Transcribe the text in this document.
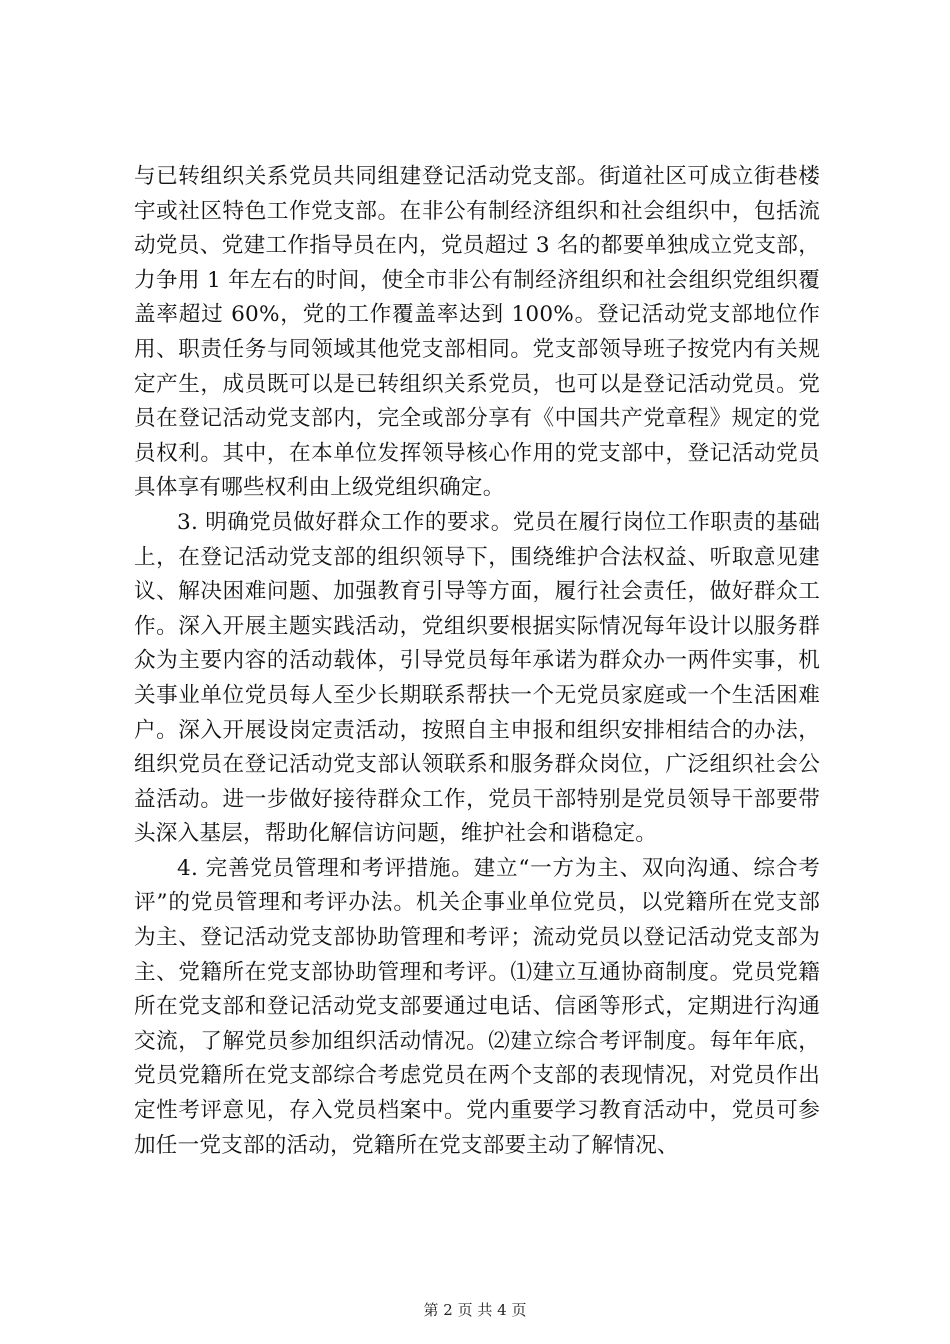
与已转组织关系党员共同组建登记活动党支部。街道社区可成立街巷楼宇或社区特色工作党支部。在非公有制经济组织和社会组织中，包括流动党员、党建工作指导员在内，党员超过 3 名的都要单独成立党支部，力争用 1 年左右的时间，使全市非公有制经济组织和社会组织党组织覆盖率超过 60%，党的工作覆盖率达到 100%。登记活动党支部地位作用、职责任务与同领域其他党支部相同。党支部领导班子按党内有关规定产生，成员既可以是已转组织关系党员，也可以是登记活动党员。党员在登记活动党支部内，完全或部分享有《中国共产党章程》规定的党员权利。其中，在本单位发挥领导核心作用的党支部中，登记活动党员具体享有哪些权利由上级党组织确定。

3. 明确党员做好群众工作的要求。党员在履行岗位工作职责的基础上，在登记活动党支部的组织领导下，围绕维护合法权益、听取意见建议、解决困难问题、加强教育引导等方面，履行社会责任，做好群众工作。深入开展主题实践活动，党组织要根据实际情况每年设计以服务群众为主要内容的活动载体，引导党员每年承诺为群众办一两件实事，机关事业单位党员每人至少长期联系帮扶一个无党员家庭或一个生活困难户。深入开展设岗定责活动，按照自主申报和组织安排相结合的办法，组织党员在登记活动党支部认领联系和服务群众岗位，广泛组织社会公益活动。进一步做好接待群众工作，党员干部特别是党员领导干部要带头深入基层，帮助化解信访问题，维护社会和谐稳定。

4. 完善党员管理和考评措施。建立“一方为主、双向沟通、综合考评”的党员管理和考评办法。机关企事业单位党员，以党籍所在党支部为主、登记活动党支部协助管理和考评；流动党员以登记活动党支部为主、党籍所在党支部协助管理和考评。⑴建立互通协商制度。党员党籍所在党支部和登记活动党支部要通过电话、信函等形式，定期进行沟通交流，了解党员参加组织活动情况。⑵建立综合考评制度。每年年底，党员党籍所在党支部综合考虑党员在两个支部的表现情况，对党员作出定性考评意见，存入党员档案中。党内重要学习教育活动中，党员可参加任一党支部的活动，党籍所在党支部要主动了解情况、

第 2 页 共 4 页
